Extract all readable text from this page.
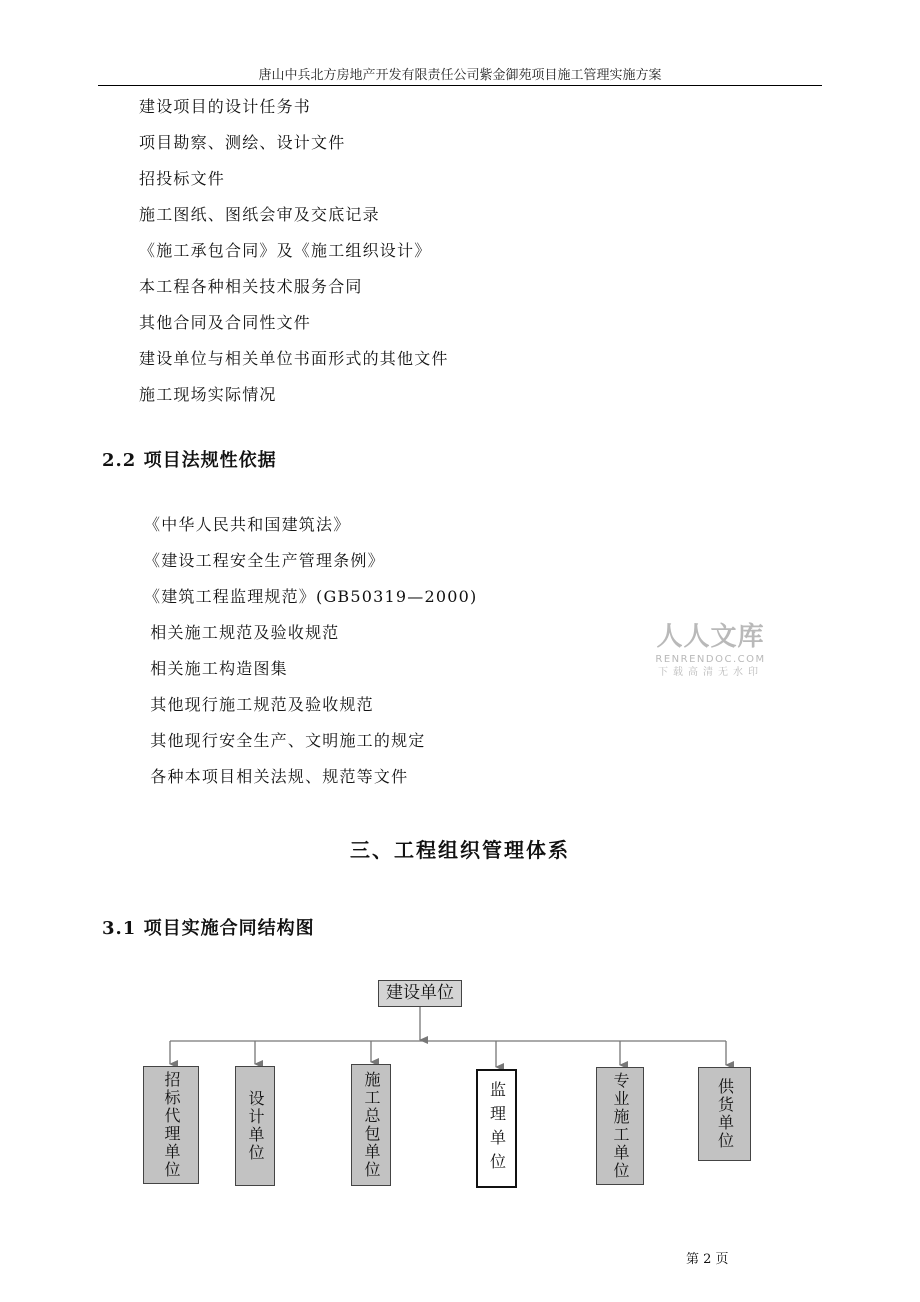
唐山中兵北方房地产开发有限责任公司紫金御苑项目施工管理实施方案
建设项目的设计任务书
项目勘察、测绘、设计文件
招投标文件
施工图纸、图纸会审及交底记录
《施工承包合同》及《施工组织设计》
本工程各种相关技术服务合同
其他合同及合同性文件
建设单位与相关单位书面形式的其他文件
施工现场实际情况
2.2 项目法规性依据
《中华人民共和国建筑法》
《建设工程安全生产管理条例》
《建筑工程监理规范》(GB50319—2000)
相关施工规范及验收规范
相关施工构造图集
其他现行施工规范及验收规范
其他现行安全生产、文明施工的规定
各种本项目相关法规、规范等文件
人人文库
RENRENDOC.COM
下载高清无水印
三、工程组织管理体系
3.1 项目实施合同结构图
建设单位
招标代理单位	设计单位	施工总包单位	监理单位	专业施工单位	供货单位
第 2 页
